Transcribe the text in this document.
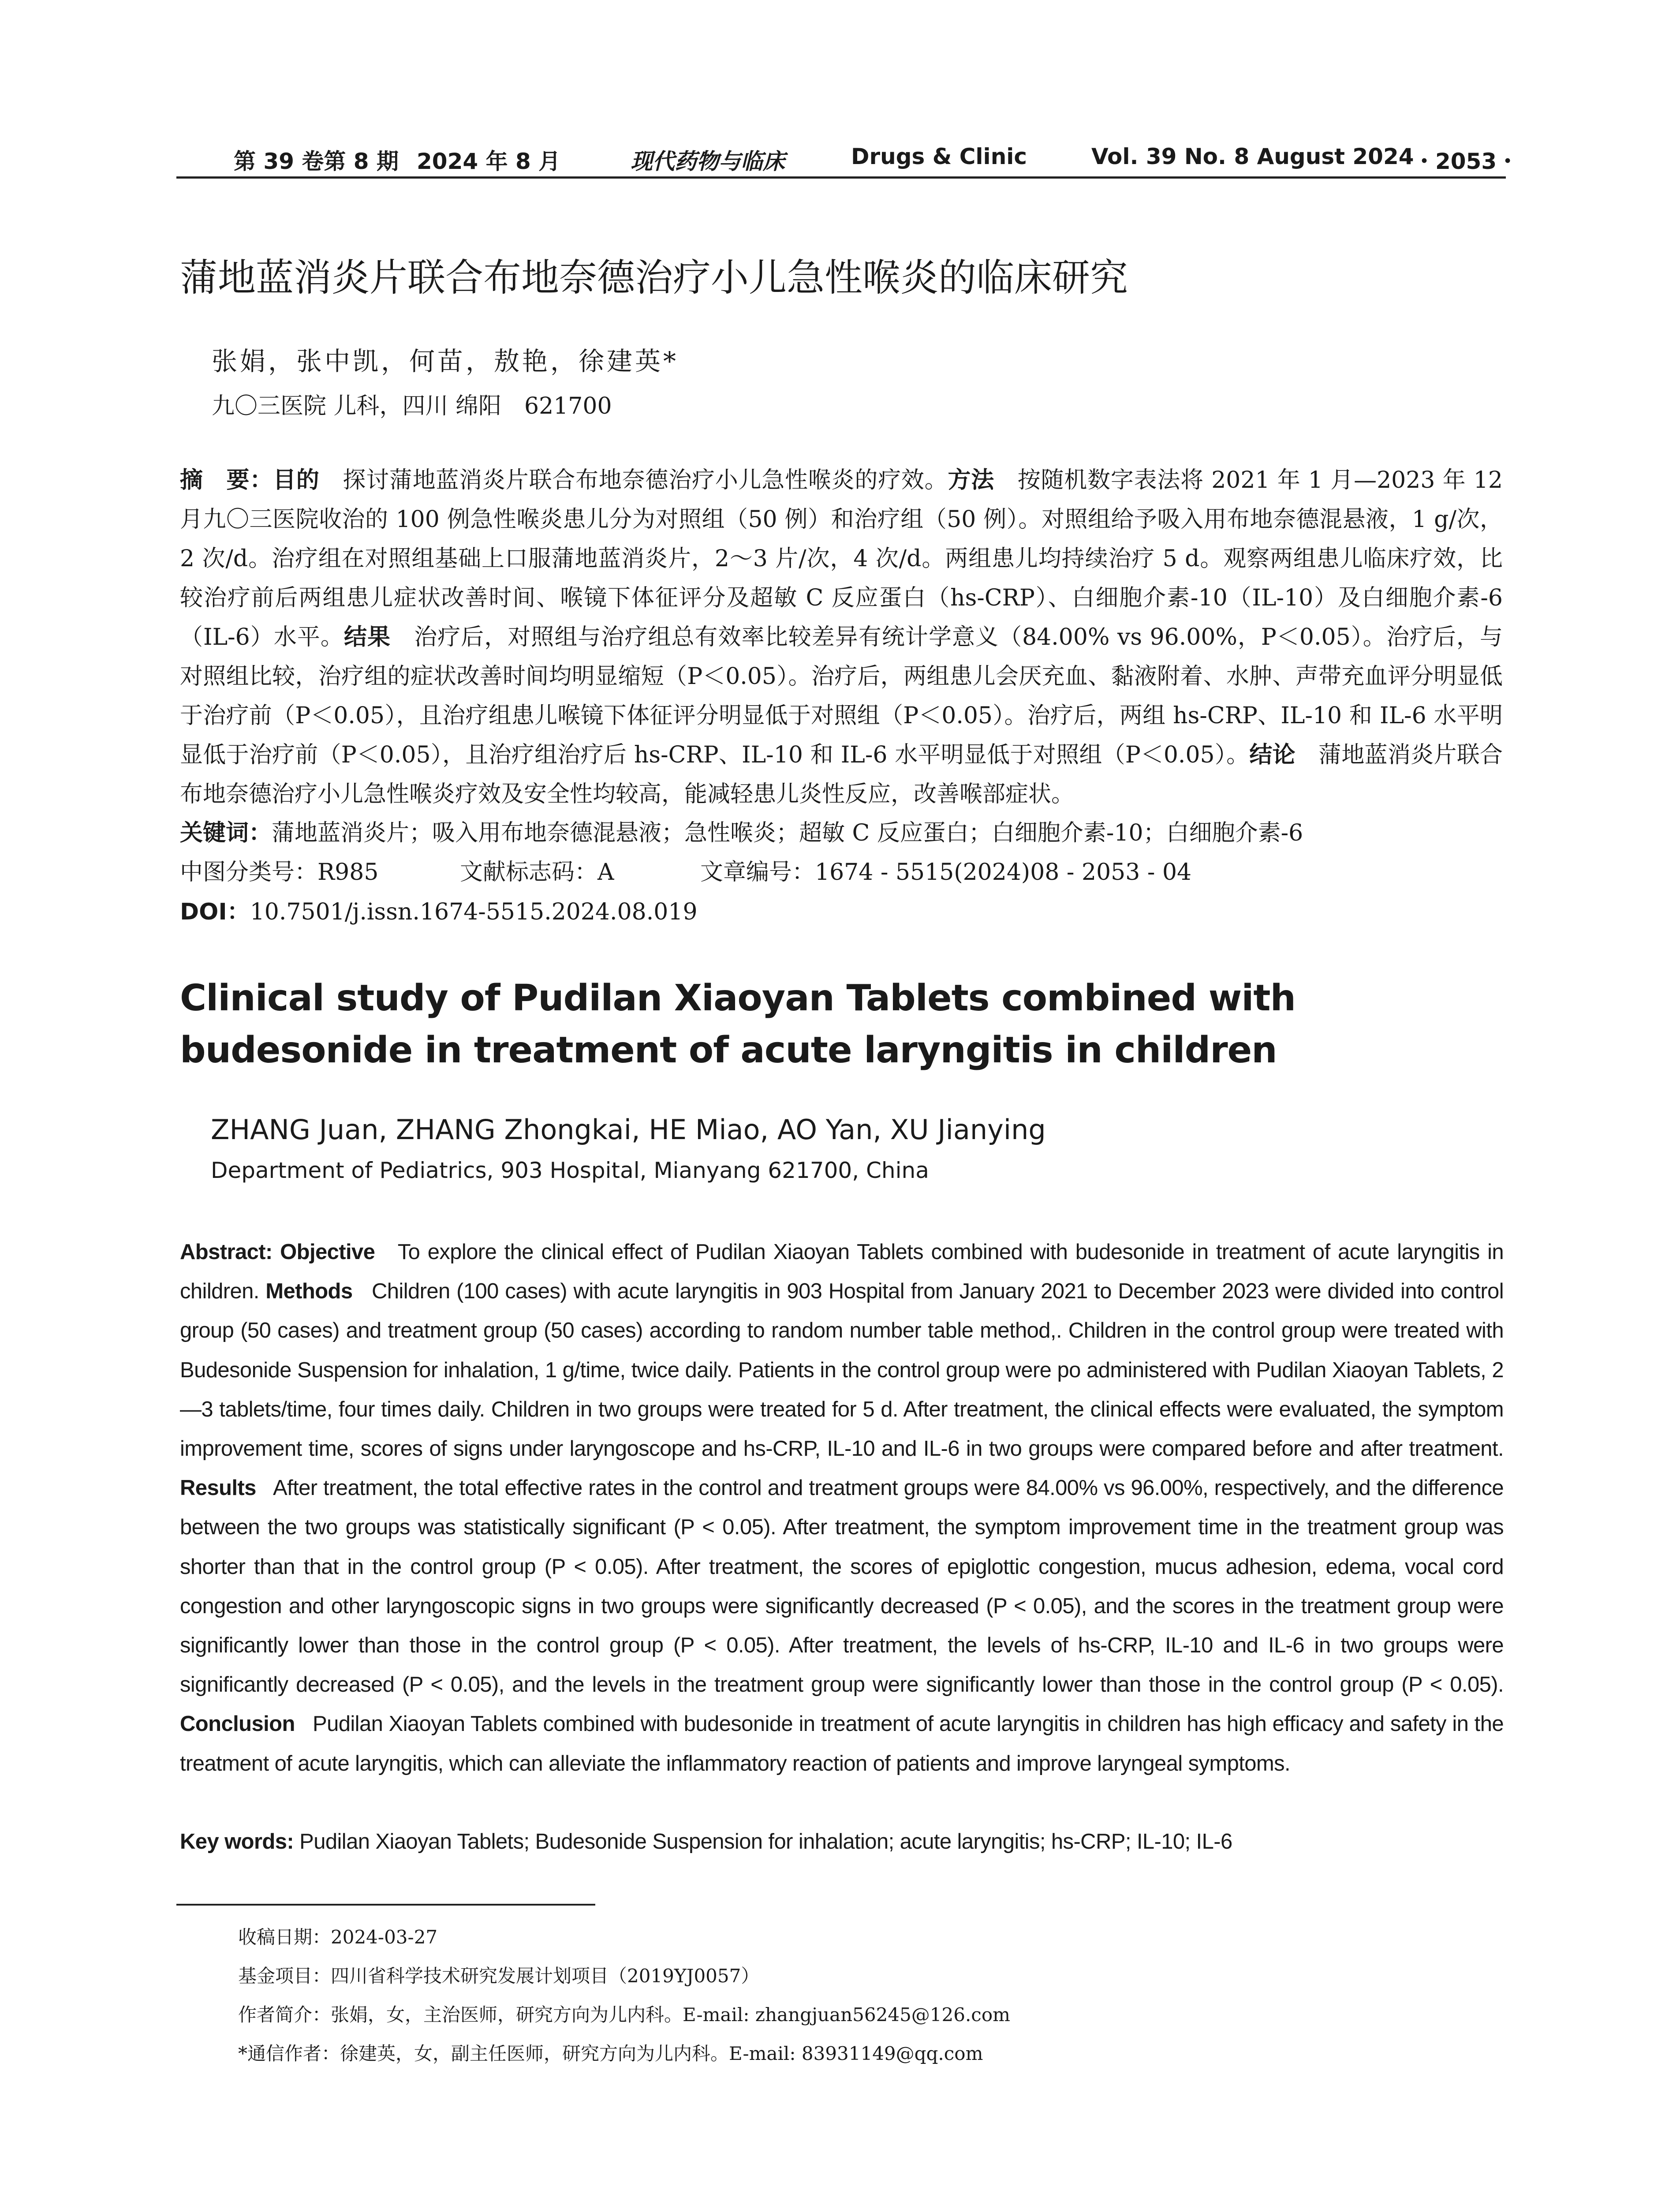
第 39 卷第 8 期 2024 年 8 月	现代药物与临床	Drugs & Clinic	Vol. 39 No. 8 August 2024
・2053・
蒲地蓝消炎片联合布地奈德治疗小儿急性喉炎的临床研究
张娟，张中凯，何苗，敖艳，徐建英*
九〇三医院 儿科，四川 绵阳　621700
摘　要：目的　 探讨蒲地蓝消炎片联合布地奈德治疗小儿急性喉炎的疗效。方法　 按随机数字表法将 2021 年 1 月—2023 年 12 月九〇三医院收治的 100 例急性喉炎患儿分为对照组（50 例）和治疗组（50 例）。对照组给予吸入用布地奈德混悬液，1 g/次，2 次/d。治疗组在对照组基础上口服蒲地蓝消炎片，2～3 片/次，4 次/d。两组患儿均持续治疗 5 d。观察两组患儿临床疗效，比较治疗前后两组患儿症状改善时间、喉镜下体征评分及超敏 C 反应蛋白（hs-CRP）、白细胞介素-10（IL-10）及白细胞介素-6（IL-6）水平。结果　 治疗后，对照组与治疗组总有效率比较差异有统计学意义（84.00% vs 96.00%，P＜0.05）。治疗后，与对照组比较，治疗组的症状改善时间均明显缩短（P＜0.05）。治疗后，两组患儿会厌充血、黏液附着、水肿、声带充血评分明显低于治疗前（P＜0.05），且治疗组患儿喉镜下体征评分明显低于对照组（P＜0.05）。治疗后，两组 hs-CRP、IL-10 和 IL-6 水平明显低于治疗前（P＜0.05），且治疗组治疗后 hs-CRP、IL-10 和 IL-6 水平明显低于对照组（P＜0.05）。结论　 蒲地蓝消炎片联合布地奈德治疗小儿急性喉炎疗效及安全性均较高，能减轻患儿炎性反应，改善喉部症状。
关键词：蒲地蓝消炎片；吸入用布地奈德混悬液；急性喉炎；超敏 C 反应蛋白；白细胞介素-10；白细胞介素-6
中图分类号：R985	文献标志码：A	文章编号：1674 - 5515(2024)08 - 2053 - 04
DOI：10.7501/j.issn.1674-5515.2024.08.019
Clinical study of Pudilan Xiaoyan Tablets combined with budesonide in treatment of acute laryngitis in children
ZHANG Juan, ZHANG Zhongkai, HE Miao, AO Yan, XU Jianying
Department of Pediatrics, 903 Hospital, Mianyang 621700, China
Abstract: Objective To explore the clinical effect of Pudilan Xiaoyan Tablets combined with budesonide in treatment of acute laryngitis in children. Methods Children (100 cases) with acute laryngitis in 903 Hospital from January 2021 to December 2023 were divided into control group (50 cases) and treatment group (50 cases) according to random number table method,. Children in the control group were treated with Budesonide Suspension for inhalation, 1 g/time, twice daily. Patients in the control group were po administered with Pudilan Xiaoyan Tablets, 2—3 tablets/time, four times daily. Children in two groups were treated for 5 d. After treatment, the clinical effects were evaluated, the symptom improvement time, scores of signs under laryngoscope and hs-CRP, IL-10 and IL-6 in two groups were compared before and after treatment. Results After treatment, the total effective rates in the control and treatment groups were 84.00% vs 96.00%, respectively, and the difference between the two groups was statistically significant (P < 0.05). After treatment, the symptom improvement time in the treatment group was shorter than that in the control group (P < 0.05). After treatment, the scores of epiglottic congestion, mucus adhesion, edema, vocal cord congestion and other laryngoscopic signs in two groups were significantly decreased (P < 0.05), and the scores in the treatment group were significantly lower than those in the control group (P < 0.05). After treatment, the levels of hs-CRP, IL-10 and IL-6 in two groups were significantly decreased (P < 0.05), and the levels in the treatment group were significantly lower than those in the control group (P < 0.05). Conclusion Pudilan Xiaoyan Tablets combined with budesonide in treatment of acute laryngitis in children has high efficacy and safety in the treatment of acute laryngitis, which can alleviate the inflammatory reaction of patients and improve laryngeal symptoms.
Key words: Pudilan Xiaoyan Tablets; Budesonide Suspension for inhalation; acute laryngitis; hs-CRP; IL-10; IL-6
收稿日期：2024-03-27
基金项目：四川省科学技术研究发展计划项目（2019YJ0057）
作者简介：张娟，女，主治医师，研究方向为儿内科。E-mail: zhangjuan56245@126.com
*通信作者：徐建英，女，副主任医师，研究方向为儿内科。E-mail: 83931149@qq.com
